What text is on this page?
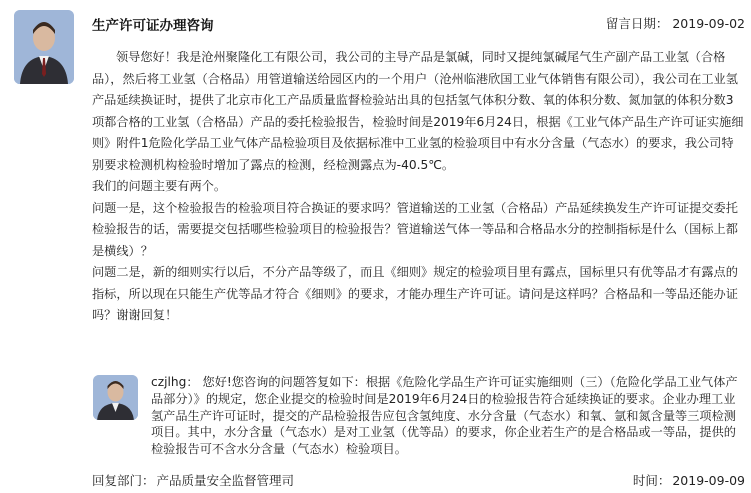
生产许可证办理咨询	留言日期： 2019-09-02

领导您好！我是沧州聚隆化工有限公司，我公司的主导产品是氯碱，同时又提纯氯碱尾气生产副产品工业氢（合格品），然后将工业氢（合格品）用管道输送给园区内的一个用户（沧州临港欣国工业气体销售有限公司），我公司在工业氢产品延续换证时，提供了北京市化工产品质量监督检验站出具的包括氢气体积分数、氧的体积分数、氮加氩的体积分数3项都合格的工业氢（合格品）产品的委托检验报告，检验时间是2019年6月24日，根据《工业气体产品生产许可证实施细则》附件1危险化学品工业气体产品检验项目及依据标准中工业氢的检验项目中有水分含量（气态水）的要求，我公司特别要求检测机构检验时增加了露点的检测，经检测露点为-40.5℃。

我们的问题主要有两个。

问题一是，这个检验报告的检验项目符合换证的要求吗？管道输送的工业氢（合格品）产品延续换发生产许可证提交委托检验报告的话，需要提交包括哪些检验项目的检验报告？管道输送气体一等品和合格品水分的控制指标是什么（国标上都是横线）？

问题二是，新的细则实行以后，不分产品等级了，而且《细则》规定的检验项目里有露点，国标里只有优等品才有露点的指标，所以现在只能生产优等品才符合《细则》的要求，才能办理生产许可证。请问是这样吗？合格品和一等品还能办证吗？谢谢回复！

czjlhg： 您好!您咨询的问题答复如下：根据《危险化学品生产许可证实施细则（三）（危险化学品工业气体产品部分）》的规定，您企业提交的检验时间是2019年6月24日的检验报告符合延续换证的要求。企业办理工业氢产品生产许可证时，提交的产品检验报告应包含氢纯度、水分含量（气态水）和氧、氩和氮含量等三项检测项目。其中，水分含量（气态水）是对工业氢（优等品）的要求，你企业若生产的是合格品或一等品，提供的检验报告可不含水分含量（气态水）检验项目。
回复部门： 产品质量安全监督管理司	时间： 2019-09-09
